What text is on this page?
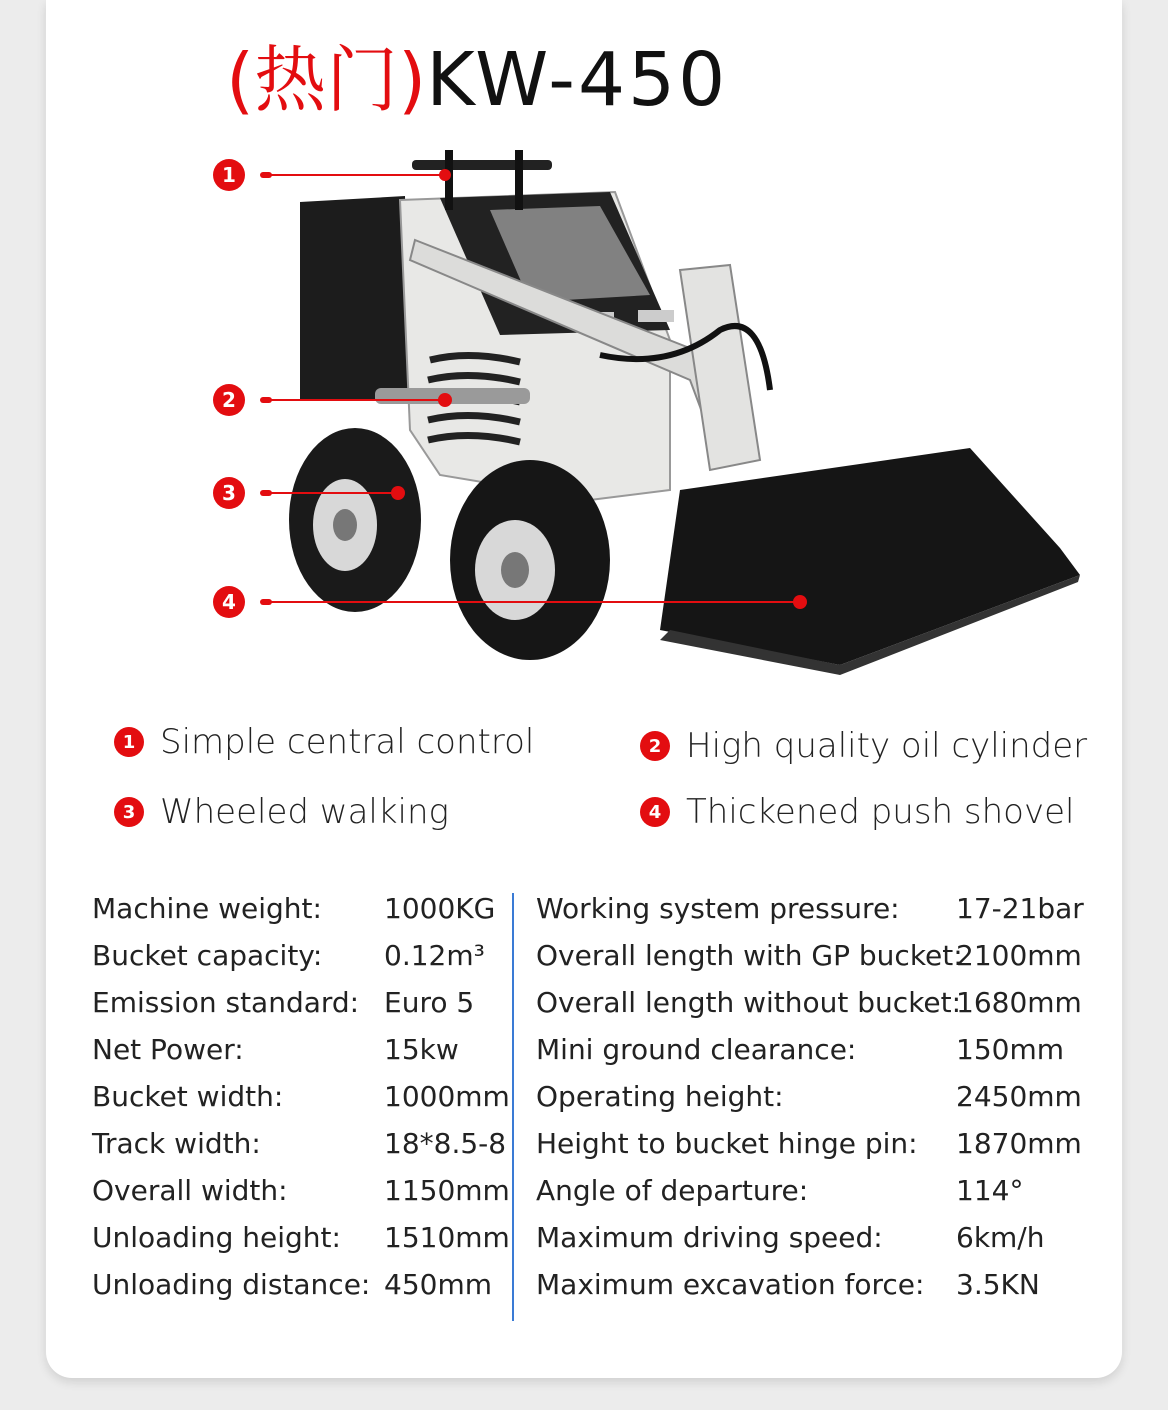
(热门) KW-450
1
2
3
4
1 Simple central control	2 High quality oil cylinder
3 Wheeled walking	4 Thickened push shovel
Machine weight: 1000KG
Bucket capacity: 0.12m³
Emission standard: Euro 5
Net Power:	15kw
Bucket width:	1000mm
Track width:	18*8.5-8
Overall width:	1150mm
Unloading height: 1510mm
Unloading distance: 450mm
Working system pressure: 17-21bar
Overall length with GP bucket:
2100mm
Overall length without bucket:
1680mm
Mini ground clearance:	150mm
Operating height:	2450mm
Height to bucket hinge pin: 1870mm
Angle of departure:	114°
Maximum driving speed:	6km/h
Maximum excavation force: 3.5KN
